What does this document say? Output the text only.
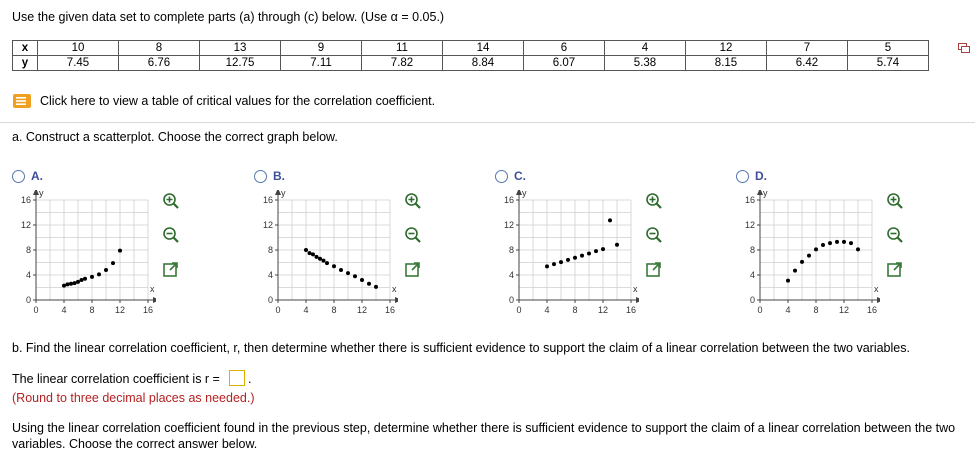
Use the given data set to complete parts (a) through (c) below. (Use α = 0.05.)
x	10	8	13	9	11	14	6	4	12	7	5
y	7.45	6.76	12.75	7.11	7.82	8.84	6.07	5.38	8.15	6.42	5.74
Click here to view a table of critical values for the correlation coefficient.
a. Construct a scatterplot. Choose the correct graph below.
A.
x
y
0	4	8 12 16
0
4
8
12
16
B.
x
y
0	4	8 12 16
0
4
8
12
16
C.
x
y
0	4	8 12 16
0
4
8
12
16
D.
x
y
0	4	8 12 16
0
4
8
12
16
b. Find the linear correlation coefficient, r, then determine whether there is sufficient evidence to support the claim of a linear correlation between the two variables.
The linear correlation coefficient is r = .
(Round to three decimal places as needed.)
Using the linear correlation coefficient found in the previous step, determine whether there is sufficient evidence to support the claim of a linear correlation between the two variables. Choose the correct answer below.
